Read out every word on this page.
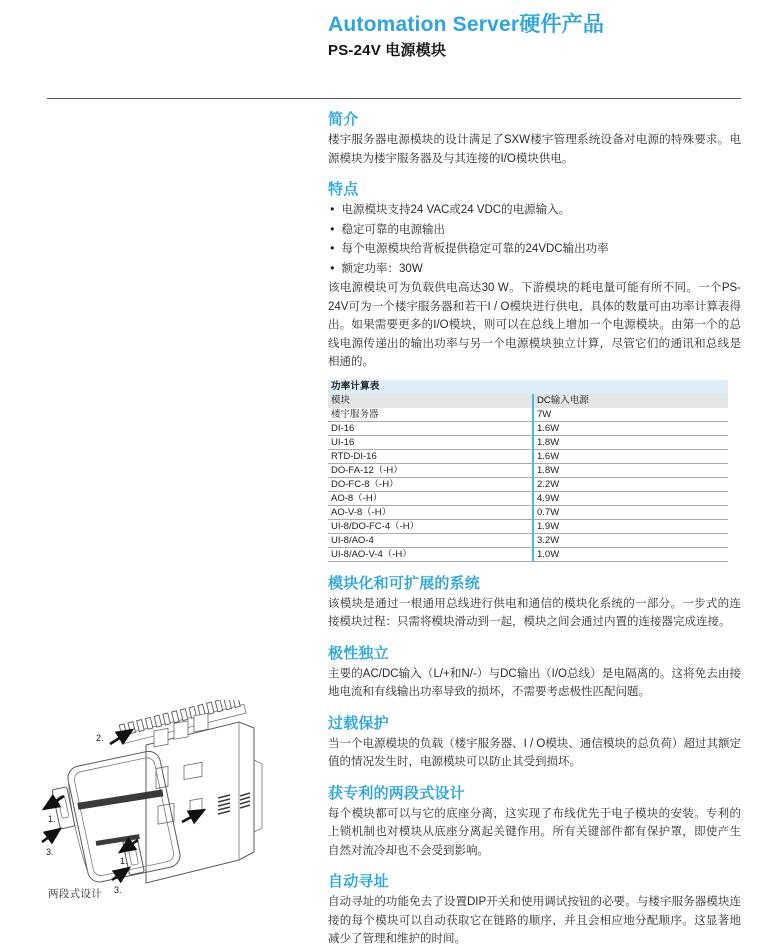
Automation Server硬件产品
PS-24V 电源模块
简介

楼宇服务器电源模块的设计满足了SXW楼宇管理系统设备对电源的特殊要求。电源模块为楼宇服务器及与其连接的I/O模块供电。

特点
● 电源模块支持24 VAC或24 VDC的电源输入。
● 稳定可靠的电源输出
● 每个电源模块给背板提供稳定可靠的24VDC输出功率
● 额定功率：30W

该电源模块可为负载供电高达30 W。下游模块的耗电量可能有所不同。一个PS-24V可为一个楼宇服务器和若干I / O模块进行供电，具体的数量可由功率计算表得出。如果需要更多的I/O模块，则可以在总线上增加一个电源模块。由第一个的总线电源传递出的输出功率与另一个电源模块独立计算，尽管它们的通讯和总线是相通的。

功率计算表
模块	DC输入电源
楼宇服务器	7W
DI-16	1.6W
UI-16	1.8W
RTD-DI-16	1.6W
DO-FA-12（-H）	1.8W
DO-FC-8（-H）	2.2W
AO-8（-H）	4.9W
AO-V-8（-H）	0.7W
UI-8/DO-FC-4（-H）	1.9W
UI-8/AO-4	3.2W
UI-8/AO-V-4（-H）	1.0W
模块化和可扩展的系统

该模块是通过一根通用总线进行供电和通信的模块化系统的一部分。一步式的连接模块过程：只需将模块滑动到一起，模块之间会通过内置的连接器完成连接。

极性独立

主要的AC/DC输入（L/+和N/-）与DC输出（I/O总线）是电隔离的。这将免去由接地电流和有线输出功率导致的损坏，不需要考虑极性匹配问题。

过载保护

当一个电源模块的负载（楼宇服务器、I / O模块、通信模块的总负荷）超过其额定值的情况发生时，电源模块可以防止其受到损坏。

获专利的两段式设计

每个模块都可以与它的底座分离，这实现了布线优先于电子模块的安装。专利的上锁机制也对模块从底座分离起关键作用。所有关键部件都有保护罩，即使产生自然对流冷却也不会受到影响。

自动寻址

自动寻址的功能免去了设置DIP开关和使用调试按钮的必要。与楼宇服务器模块连接的每个模块可以自动获取它在链路的顺序，并且会相应地分配顺序。这显著地减少了管理和维护的时间。

2.
1.
3.
1.
3.
两段式设计
